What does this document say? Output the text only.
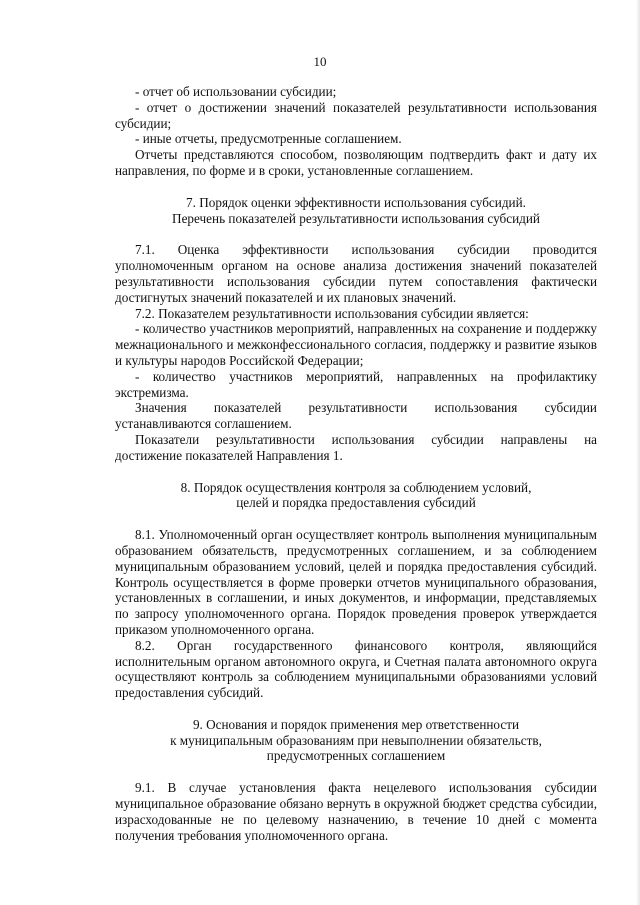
10

- отчет об использовании субсидии;

- отчет о достижении значений показателей результативности использования субсидии;

- иные отчеты, предусмотренные соглашением.

Отчеты представляются способом, позволяющим подтвердить факт и дату их направления, по форме и в сроки, установленные соглашением.

7. Порядок оценки эффективности использования субсидий.

Перечень показателей результативности использования субсидий

7.1. Оценка эффективности использования субсидии проводится уполномоченным органом на основе анализа достижения значений показателей результативности использования субсидии путем сопоставления фактически достигнутых значений показателей и их плановых значений.

7.2. Показателем результативности использования субсидии является:

- количество участников мероприятий, направленных на сохранение и поддержку межнационального и межконфессионального согласия, поддержку и развитие языков и культуры народов Российской Федерации;

- количество участников мероприятий, направленных на профилактику экстремизма.

Значения показателей результативности использования субсидии устанавливаются соглашением.

Показатели результативности использования субсидии направлены на достижение показателей Направления 1.

8. Порядок осуществления контроля за соблюдением условий,

целей и порядка предоставления субсидий

8.1. Уполномоченный орган осуществляет контроль выполнения муниципальным образованием обязательств, предусмотренных соглашением, и за соблюдением муниципальным образованием условий, целей и порядка предоставления субсидий. Контроль осуществляется в форме проверки отчетов муниципального образования, установленных в соглашении, и иных документов, и информации, представляемых по запросу уполномоченного органа. Порядок проведения проверок утверждается приказом уполномоченного органа.

8.2. Орган государственного финансового контроля, являющийся исполнительным органом автономного округа, и Счетная палата автономного округа осуществляют контроль за соблюдением муниципальными образованиями условий предоставления субсидий.

9. Основания и порядок применения мер ответственности

к муниципальным образованиям при невыполнении обязательств,

предусмотренных соглашением

9.1. В случае установления факта нецелевого использования субсидии муниципальное образование обязано вернуть в окружной бюджет средства субсидии, израсходованные не по целевому назначению, в течение 10 дней с момента получения требования уполномоченного органа.
